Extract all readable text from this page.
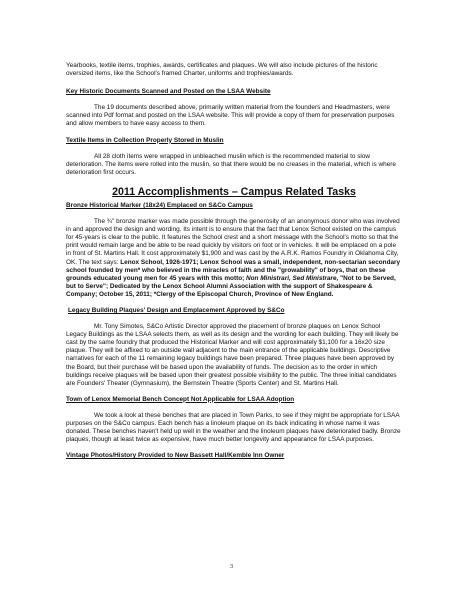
Yearbooks, textile items, trophies, awards, certificates and plaques. We will also include pictures of the historic oversized items, like the School's framed Charter, uniforms and trophies/awards.

Key Historic Documents Scanned and Posted on the LSAA Website

The 19 documents described above, primarily written material from the founders and Headmasters, were scanned into Pdf format and posted on the LSAA website. This will provide a copy of them for preservation purposes and allow members to have easy access to them.

Textile Items in Collection Properly Stored in Muslin

All 28 cloth items were wrapped in unbleached muslin which is the recommended material to slow deterioration. The items were rolled into the muslin, so that there would be no creases in the material, which is where deterioration first occurs.

2011 Accomplishments – Campus Related Tasks

Bronze Historical Marker (18x24) Emplaced on S&Co Campus

The ¾" bronze marker was made possible through the generosity of an anonymous donor who was involved in and approved the design and wording. Its intent is to ensure that the fact that Lenox School existed on the campus for 45-years is clear to the public. It features the School crest and a short message with the School's motto so that the print would remain large and be able to be read quickly by visitors on foot or in vehicles. It will be emplaced on a pole in front of St. Martins Hall. It cost approximately $1,900 and was cast by the A.R.K. Ramos Foundry in Oklahoma City, OK. The text says: Lenox School, 1926-1971; Lenox School was a small, independent, non-sectarian secondary school founded by men* who believed in the miracles of faith and the "growability" of boys, that on these grounds educated young men for 45 years with this motto; Non Ministrari, Sed Ministrare, "Not to be Served, but to Serve"; Dedicated by the Lenox School Alumni Association with the support of Shakespeare & Company; October 15, 2011; *Clergy of the Episcopal Church, Province of New England.

Legacy Building Plaques' Design and Emplacement Approved by S&Co

Mr. Tony Simotes, S&Co Artistic Director approved the placement of bronze plaques on Lenox School Legacy Buildings as the LSAA selects them, as well as its design and the wording for each building. They will likely be cast by the same foundry that produced the Historical Marker and will cost approximately $1,100 for a 16x20 size plaque. They will be affixed to an outside wall adjacent to the main entrance of the applicable buildings. Descriptive narratives for each of the 11 remaining legacy buildings have been prepared. Three plaques have been approved by the Board, but their purchase will be based upon the availability of funds. The decision as to the order in which buildings receive plaques will be based upon their greatest possible visibility to the public. The three initial candidates are Founders' Theater (Gymnasium), the Bernstein Theatre (Sports Center) and St. Martins Hall.

Town of Lenox Memorial Bench Concept Not Applicable for LSAA Adoption

We took a look at these benches that are placed in Town Parks, to see if they might be appropriate for LSAA purposes on the S&Co campus. Each bench has a linoleum plaque on its back indicating in whose name it was donated. These benches haven't held up well in the weather and the linoleum plaques have deteriorated badly. Bronze plaques, though at least twice as expensive, have much better longevity and appearance for LSAA purposes.

Vintage Photos/History Provided to New Bassett Hall/Kemble Inn Owner

3
